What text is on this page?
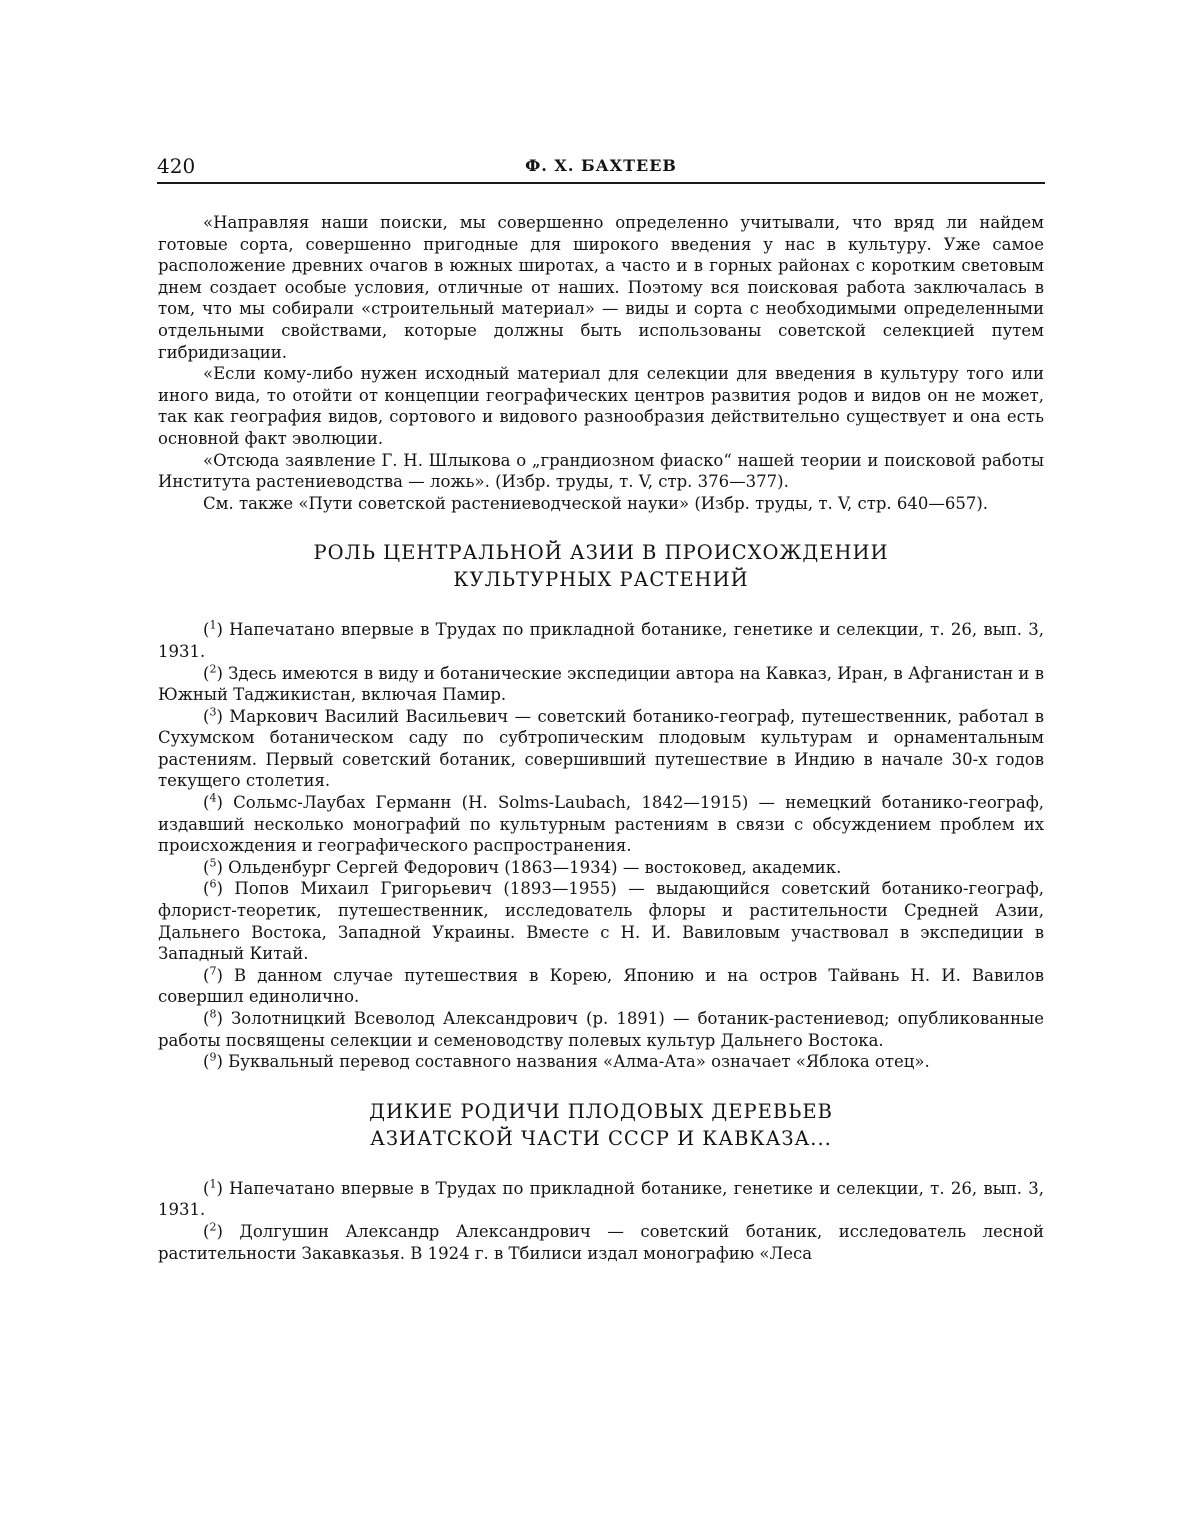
420	Ф. Х. БАХТЕЕВ

«Направляя наши поиски, мы совершенно определенно учитывали, что вряд ли найдем готовые сорта, совершенно пригодные для широкого введения у нас в культуру. Уже самое расположение древних очагов в южных широтах, а часто и в горных районах с коротким световым днем создает особые условия, отличные от наших. Поэтому вся поисковая работа заключалась в том, что мы собирали «строительный материал» — виды и сорта с необходимыми определенными отдельными свойствами, которые должны быть использованы советской селекцией путем гибридизации.

«Если кому-либо нужен исходный материал для селекции для введения в культуру того или иного вида, то отойти от концепции географических центров развития родов и видов он не может, так как география видов, сортового и видового разнообразия действительно существует и она есть основной факт эволюции.

«Отсюда заявление Г. Н. Шлыкова о „грандиозном фиаско“ нашей теории и поисковой работы Института растениеводства — ложь». (Избр. труды, т. V, стр. 376—377).

См. также «Пути советской растениеводческой науки» (Избр. труды, т. V, стр. 640—657).

РОЛЬ ЦЕНТРАЛЬНОЙ АЗИИ В ПРОИСХОЖДЕНИИ
КУЛЬТУРНЫХ РАСТЕНИЙ

($^1$) Напечатано впервые в Трудах по прикладной ботанике, генетике и селекции, т. 26, вып. 3, 1931.

($^2$) Здесь имеются в виду и ботанические экспедиции автора на Кавказ, Иран, в Афганистан и в Южный Таджикистан, включая Памир.

($^3$) Маркович Василий Васильевич — советский ботанико-географ, путешественник, работал в Сухумском ботаническом саду по субтропическим плодовым культурам и орнаментальным растениям. Первый советский ботаник, совершивший путешествие в Индию в начале 30-х годов текущего столетия.

($^4$) Сольмс-Лаубах Германн (H. Solms-Laubach, 1842—1915) — немецкий ботанико-географ, издавший несколько монографий по культурным растениям в связи с обсуждением проблем их происхождения и географического распространения.

($^5$) Ольденбург Сергей Федорович (1863—1934) — востоковед, академик.

($^6$) Попов Михаил Григорьевич (1893—1955) — выдающийся советский ботанико-географ, флорист-теоретик, путешественник, исследователь флоры и растительности Средней Азии, Дальнего Востока, Западной Украины. Вместе с Н. И. Вавиловым участвовал в экспедиции в Западный Китай.

($^7$) В данном случае путешествия в Корею, Японию и на остров Тайвань Н. И. Вавилов совершил единолично.

($^8$) Золотницкий Всеволод Александрович (р. 1891) — ботаник-растениевод; опубликованные работы посвящены селекции и семеноводству полевых культур Дальнего Востока.

($^9$) Буквальный перевод составного названия «Алма-Ата» означает «Яблока отец».

ДИКИЕ РОДИЧИ ПЛОДОВЫХ ДЕРЕВЬЕВ
АЗИАТСКОЙ ЧАСТИ СССР И КАВКАЗА...

($^1$) Напечатано впервые в Трудах по прикладной ботанике, генетике и селекции, т. 26, вып. 3, 1931.

($^2$) Долгушин Александр Александрович — советский ботаник, исследователь лесной растительности Закавказья. В 1924 г. в Тбилиси издал монографию «Леса
